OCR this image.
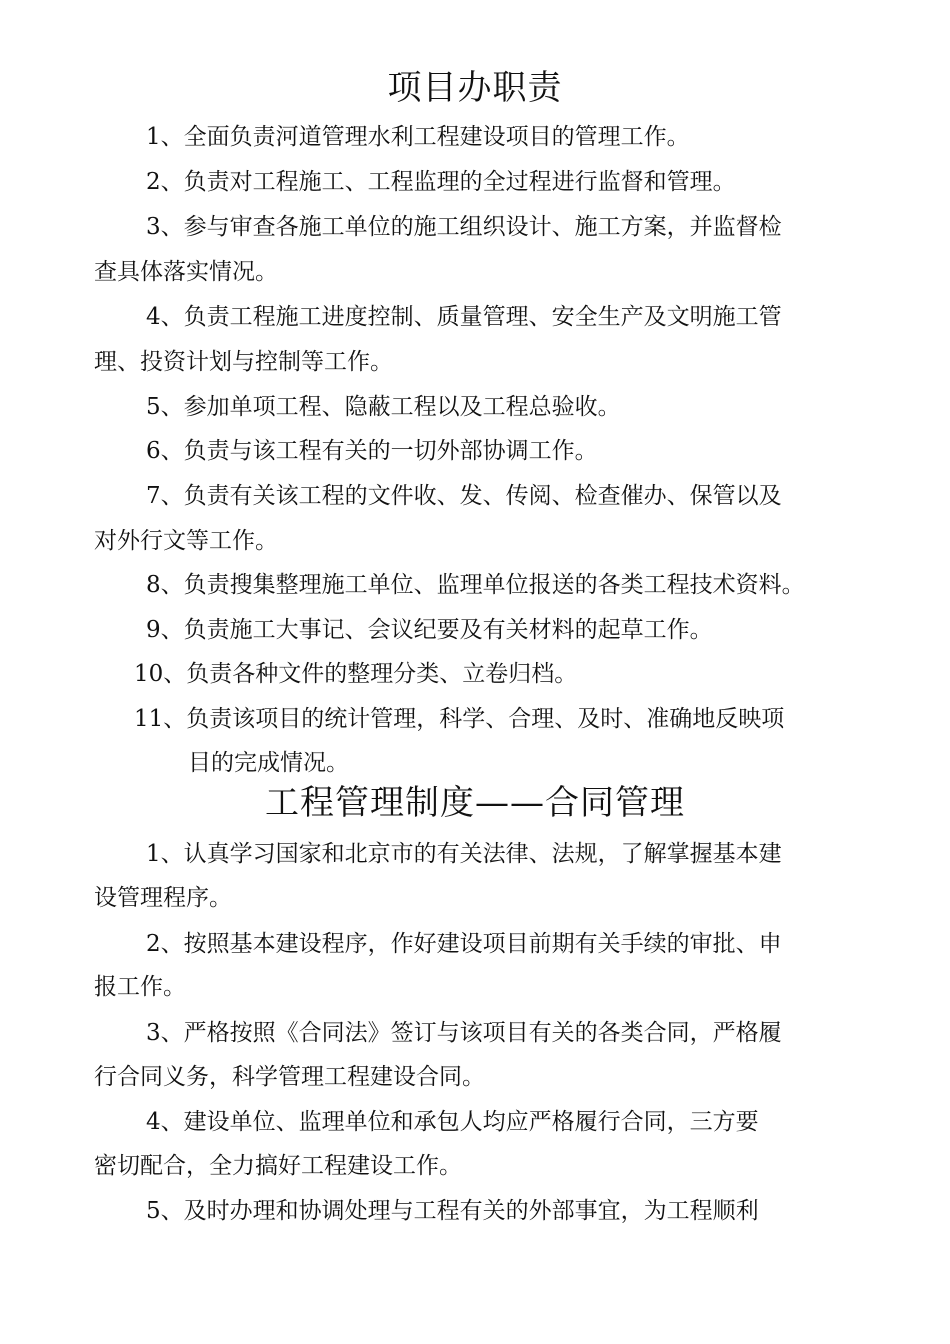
项目办职责
1、全面负责河道管理水利工程建设项目的管理工作。
2、负责对工程施工、工程监理的全过程进行监督和管理。
3、参与审查各施工单位的施工组织设计、施工方案，并监督检
查具体落实情况。
4、负责工程施工进度控制、质量管理、安全生产及文明施工管
理、投资计划与控制等工作。
5、参加单项工程、隐蔽工程以及工程总验收。
6、负责与该工程有关的一切外部协调工作。
7、负责有关该工程的文件收、发、传阅、检查催办、保管以及
对外行文等工作。
8、负责搜集整理施工单位、监理单位报送的各类工程技术资料。
9、负责施工大事记、会议纪要及有关材料的起草工作。
10、负责各种文件的整理分类、立卷归档。
11、负责该项目的统计管理，科学、合理、及时、准确地反映项
目的完成情况。
工程管理制度——合同管理
1、认真学习国家和北京市的有关法律、法规，了解掌握基本建
设管理程序。
2、按照基本建设程序，作好建设项目前期有关手续的审批、申
报工作。
3、严格按照《合同法》签订与该项目有关的各类合同，严格履
行合同义务，科学管理工程建设合同。
4、建设单位、监理单位和承包人均应严格履行合同，三方要
密切配合，全力搞好工程建设工作。
5、及时办理和协调处理与工程有关的外部事宜，为工程顺利
